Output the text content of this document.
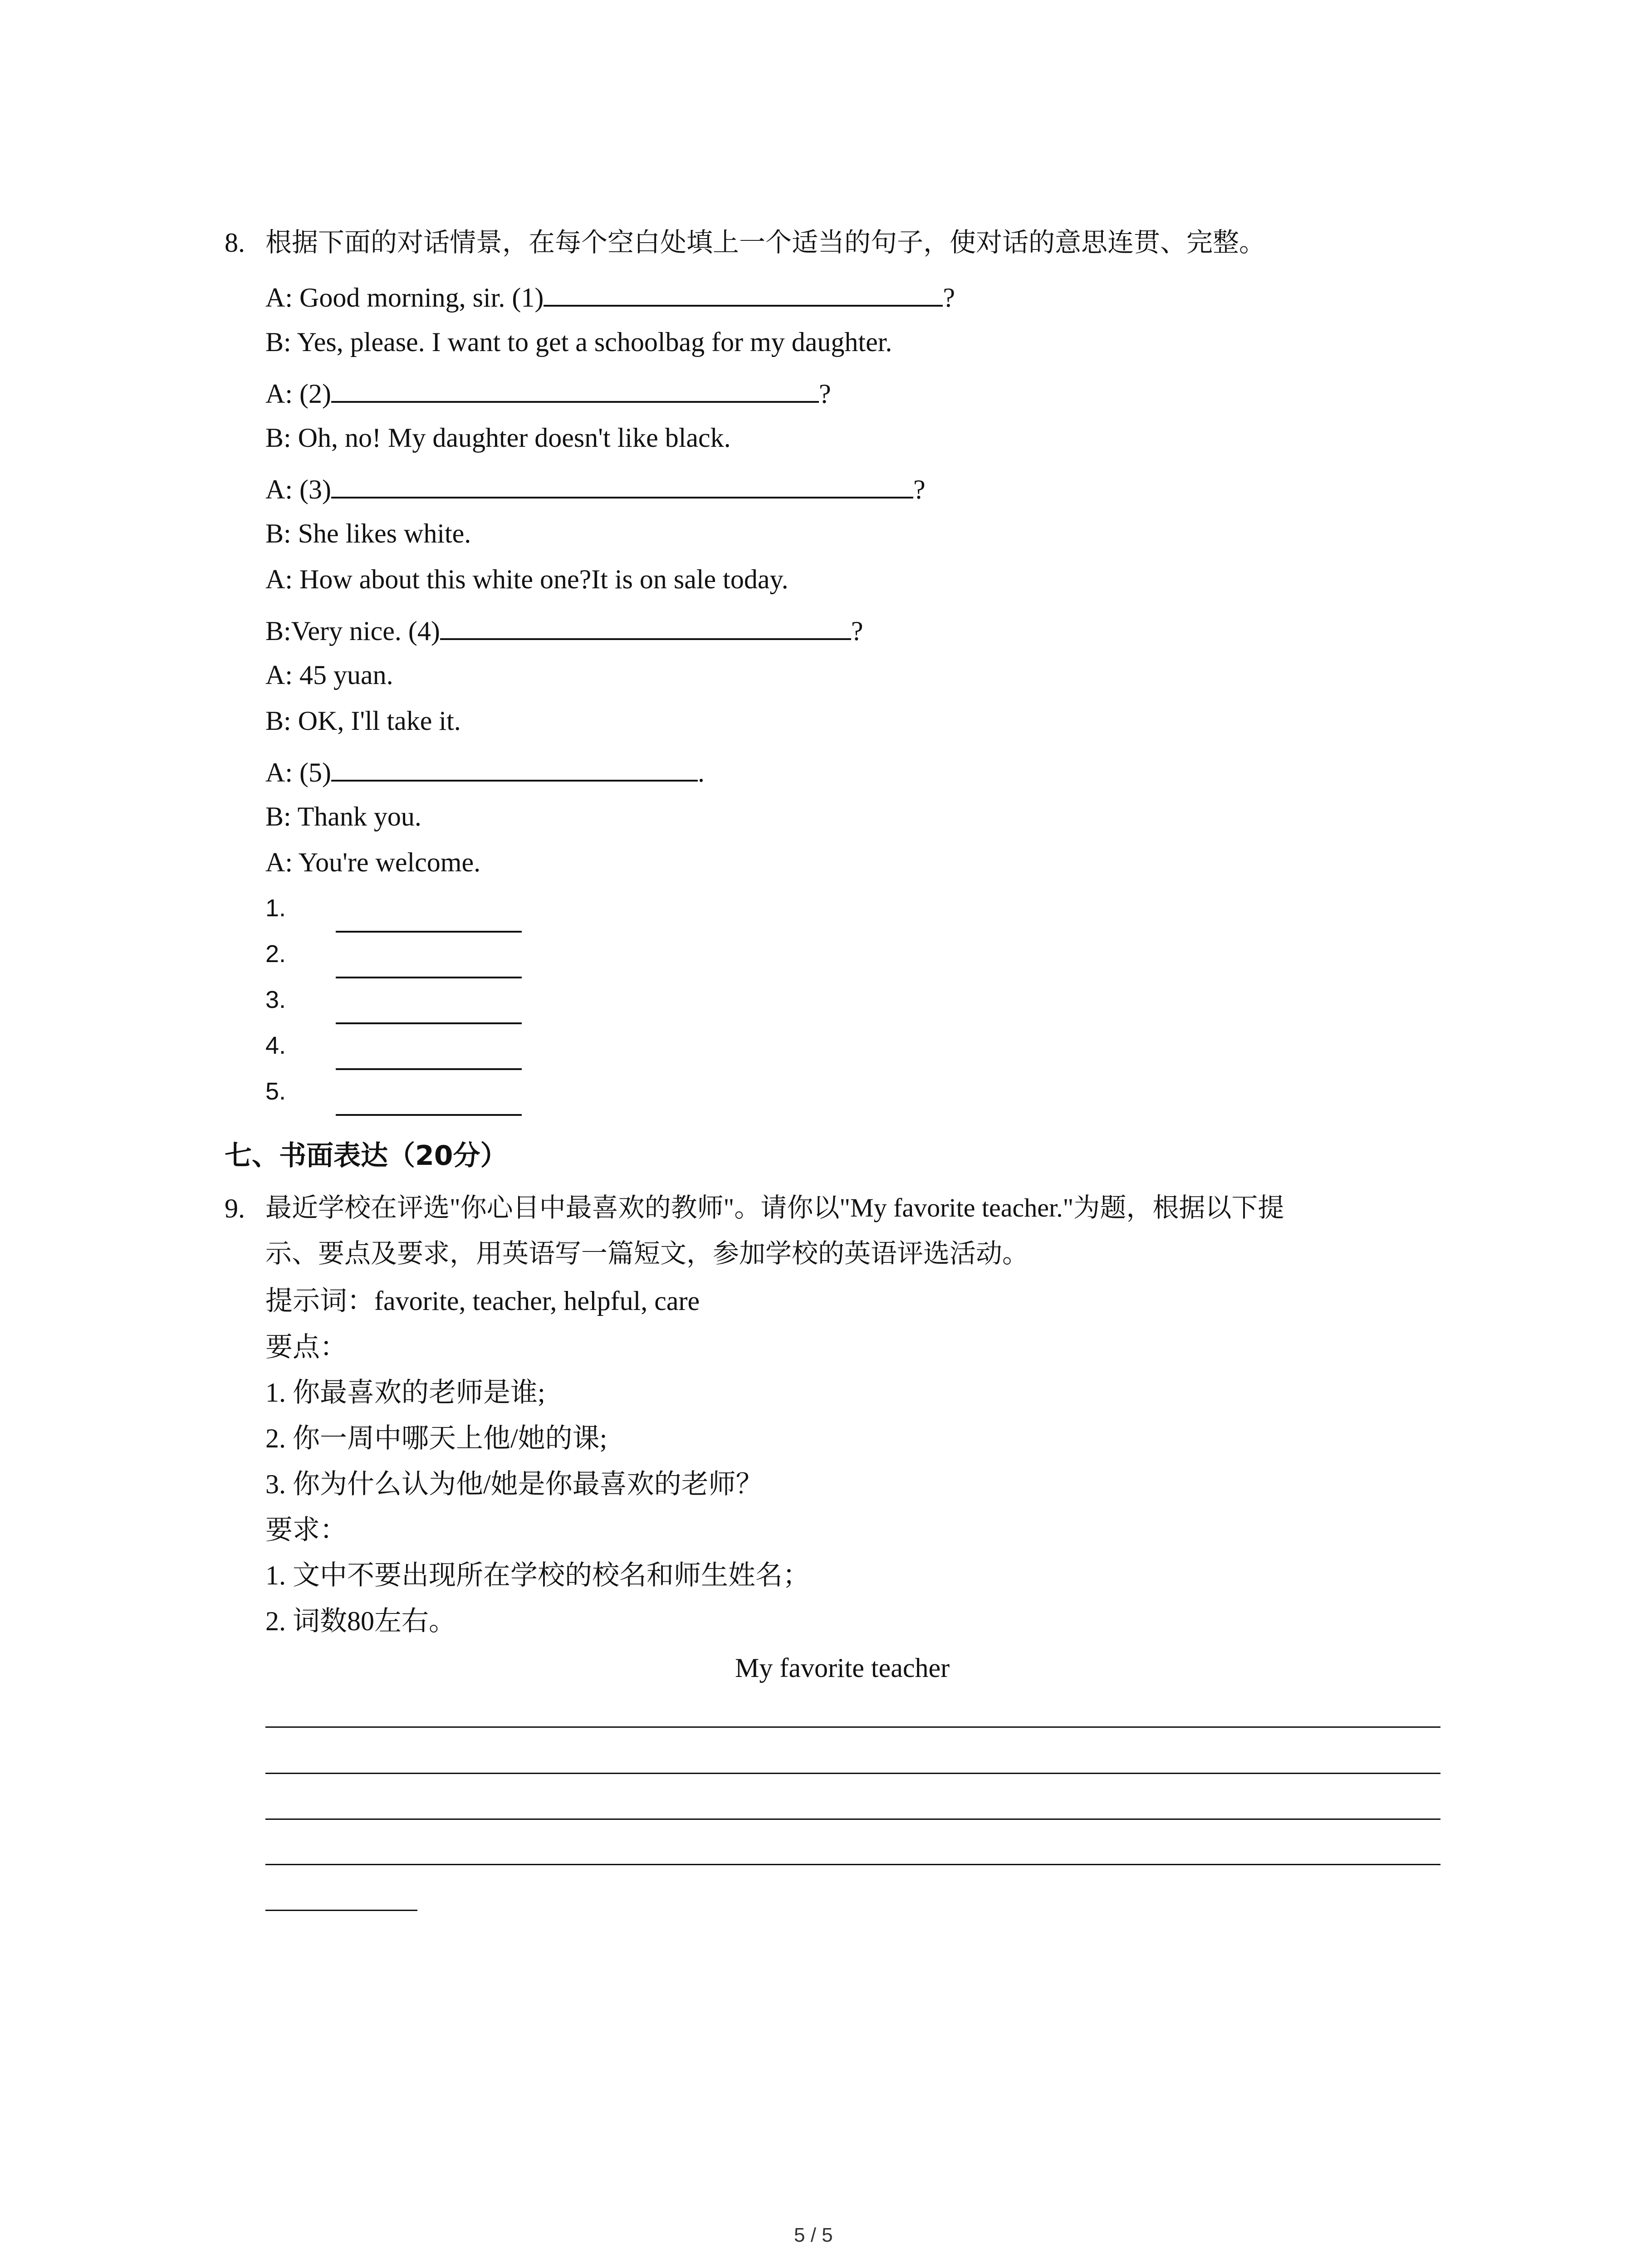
8. 根据下面的对话情景，在每个空白处填上一个适当的句子，使对话的意思连贯、完整。
A: Good morning, sir. (1)	?
B: Yes, please. I want to get a schoolbag for my daughter.
A: (2)	?
B: Oh, no! My daughter doesn't like black.
A: (3)	?
B: She likes white.
A: How about this white one?It is on sale today.
B:Very nice. (4)	?
A: 45 yuan.
B: OK, I'll take it.
A: (5)	.
B: Thank you.
A: You're welcome.
1.
2.
3.
4.
5.
七、书面表达（20分）
9. 最近学校在评选"你心目中最喜欢的教师"。请你以"My favorite teacher."为题，根据以下提
示、要点及要求，用英语写一篇短文，参加学校的英语评选活动。
提示词：favorite, teacher, helpful, care
要点：
1. 你最喜欢的老师是谁;
2. 你一周中哪天上他/她的课;
3. 你为什么认为他/她是你最喜欢的老师？
要求：
1. 文中不要出现所在学校的校名和师生姓名；
2. 词数80左右。
My favorite teacher
5 / 5
